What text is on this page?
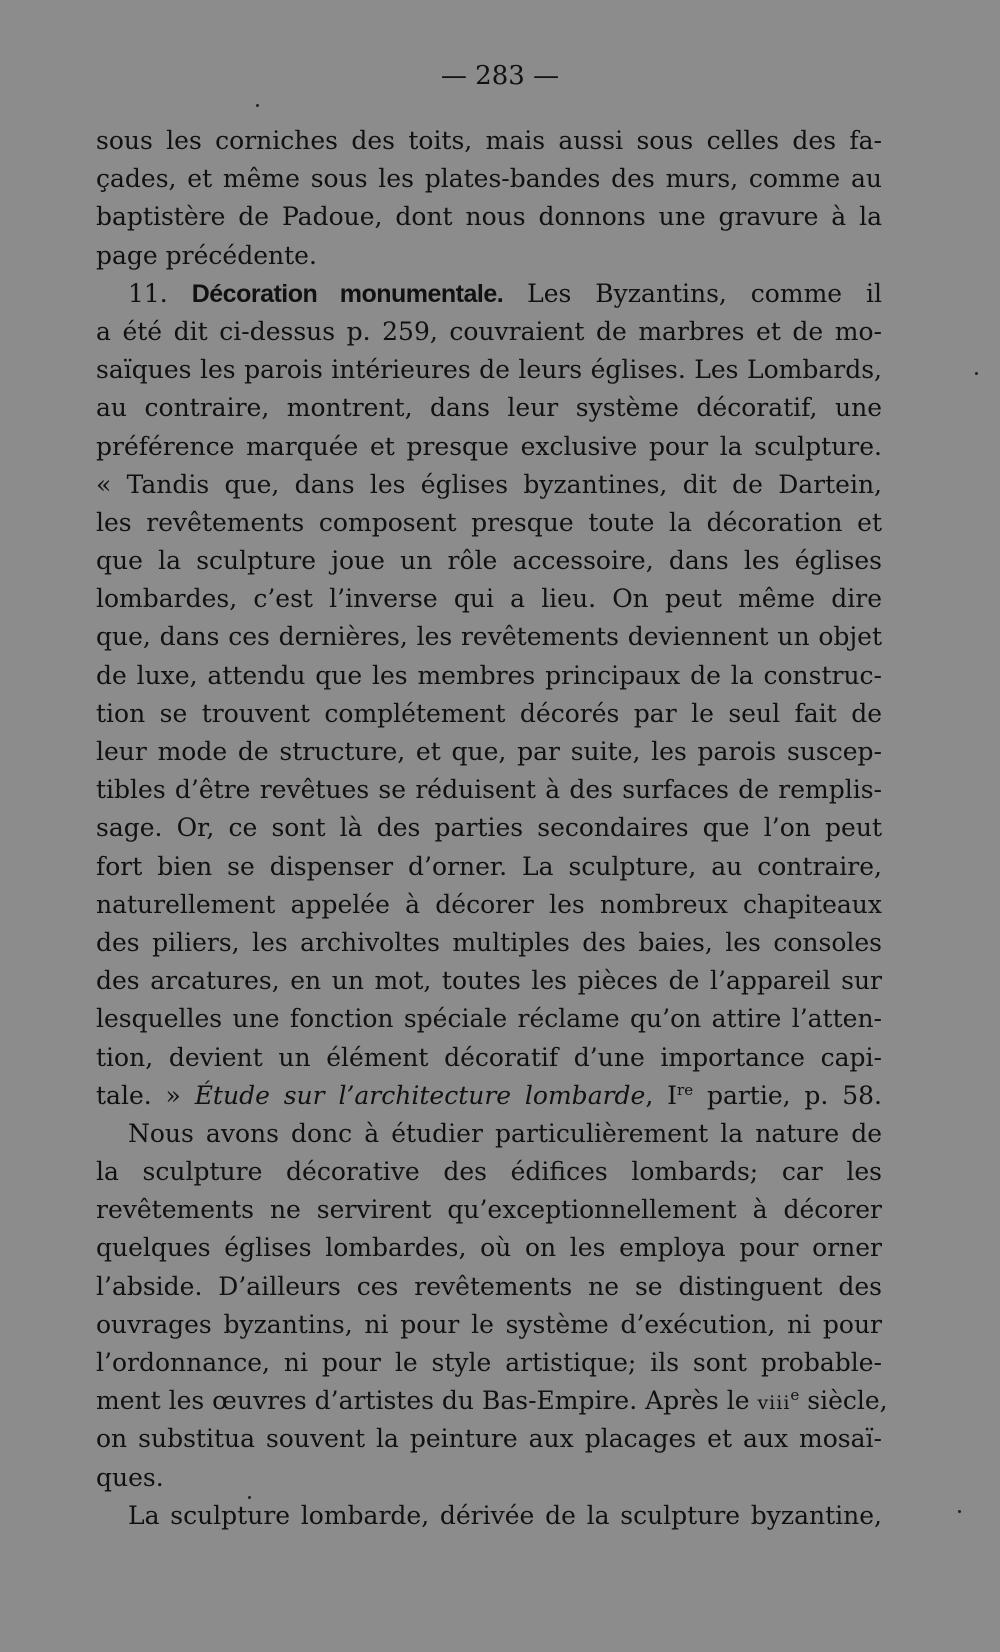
— 283 —
sous les corniches des toits, mais aussi sous celles des fa-
çades, et même sous les plates-bandes des murs, comme au
baptistère de Padoue, dont nous donnons une gravure à la
page précédente.
11. Décoration monumentale. Les Byzantins, comme il
a été dit ci-dessus p. 259, couvraient de marbres et de mo-
saïques les parois intérieures de leurs églises. Les Lombards,
au contraire, montrent, dans leur système décoratif, une
préférence marquée et presque exclusive pour la sculpture.
« Tandis que, dans les églises byzantines, dit de Dartein,
les revêtements composent presque toute la décoration et
que la sculpture joue un rôle accessoire, dans les églises
lombardes, c’est l’inverse qui a lieu. On peut même dire
que, dans ces dernières, les revêtements deviennent un objet
de luxe, attendu que les membres principaux de la construc-
tion se trouvent complétement décorés par le seul fait de
leur mode de structure, et que, par suite, les parois suscep-
tibles d’être revêtues se réduisent à des surfaces de remplis-
sage. Or, ce sont là des parties secondaires que l’on peut
fort bien se dispenser d’orner. La sculpture, au contraire,
naturellement appelée à décorer les nombreux chapiteaux
des piliers, les archivoltes multiples des baies, les consoles
des arcatures, en un mot, toutes les pièces de l’appareil sur
lesquelles une fonction spéciale réclame qu’on attire l’atten-
tion, devient un élément décoratif d’une importance capi-
tale. » Étude sur l’architecture lombarde, Ire partie, p. 58.
Nous avons donc à étudier particulièrement la nature de
la sculpture décorative des édifices lombards; car les
revêtements ne servirent qu’exceptionnellement à décorer
quelques églises lombardes, où on les employa pour orner
l’abside. D’ailleurs ces revêtements ne se distinguent des
ouvrages byzantins, ni pour le système d’exécution, ni pour
l’ordonnance, ni pour le style artistique; ils sont probable-
ment les œuvres d’artistes du Bas-Empire. Après le viii$^e$ siècle,
on substitua souvent la peinture aux placages et aux mosaï-
ques.
La sculpture lombarde, dérivée de la sculpture byzantine,
